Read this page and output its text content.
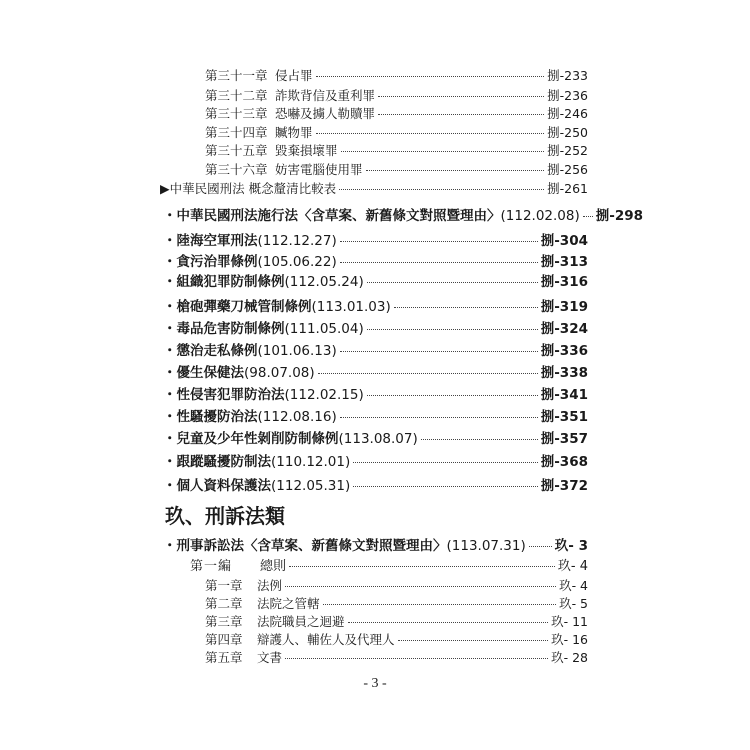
第三十一章 侵占罪	捌-233
第三十二章 詐欺背信及重利罪	捌-236
第三十三章 恐嚇及擄人勒贖罪	捌-246
第三十四章 贓物罪	捌-250
第三十五章 毀棄損壞罪	捌-252
第三十六章 妨害電腦使用罪	捌-256
▶中華民國刑法 概念釐清比較表	捌-261
・中華民國刑法施行法〈含草案、新舊條文對照暨理由〉(112.02.08) 捌-298
・陸海空軍刑法(112.12.27)	捌-304
・貪污治罪條例(105.06.22)	捌-313
・組織犯罪防制條例(112.05.24)	捌-316
・槍砲彈藥刀械管制條例(113.01.03)	捌-319
・毒品危害防制條例(111.05.04)	捌-324
・懲治走私條例(101.06.13)	捌-336
・優生保健法(98.07.08)	捌-338
・性侵害犯罪防治法(112.02.15)	捌-341
・性騷擾防治法(112.08.16)	捌-351
・兒童及少年性剝削防制條例(113.08.07)	捌-357
・跟蹤騷擾防制法(110.12.01)	捌-368
・個人資料保護法(112.05.31)	捌-372
玖、刑訴法類
・刑事訴訟法〈含草案、新舊條文對照暨理由〉(113.07.31) 玖- 3
第一編 總則	玖- 4
第一章 法例	玖- 4
第二章 法院之管轄	玖- 5
第三章 法院職員之迴避	玖- 11
第四章 辯護人、輔佐人及代理人	玖- 16
第五章 文書	玖- 28
- 3 -
